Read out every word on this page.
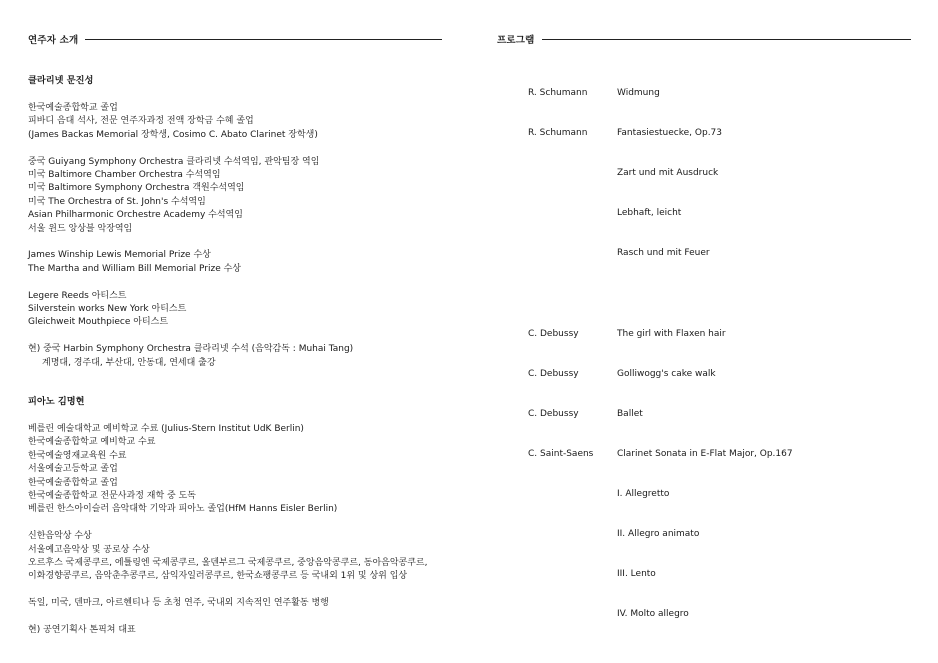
연주자 소개
클라리넷 문진성
한국예술종합학교 졸업
피바디 음대 석사, 전문 연주자과정 전액 장학금 수혜 졸업
(James Backas Memorial 장학생, Cosimo C. Abato Clarinet 장학생)
중국 Guiyang Symphony Orchestra 클라리넷 수석역임, 관악팀장 역임
미국 Baltimore Chamber Orchestra 수석역임
미국 Baltimore Symphony Orchestra 객원수석역임
미국 The Orchestra of St. John's 수석역임
Asian Philharmonic Orchestre Academy 수석역임
서울 윈드 앙상블 악장역임
James Winship Lewis Memorial Prize 수상
The Martha and William Bill Memorial Prize 수상
Legere Reeds 아티스트
Silverstein works New York 아티스트
Gleichweit Mouthpiece 아티스트
현) 중국 Harbin Symphony Orchestra 클라리넷 수석 (음악감독 : Muhai Tang)
계명대, 경주대, 부산대, 안동대, 연세대 출강
피아노 김명현
베를린 예술대학교 예비학교 수료 (Julius-Stern Institut UdK Berlin)
한국예술종합학교 예비학교 수료
한국예술영재교육원 수료
서울예술고등학교 졸업
한국예술종합학교 졸업
한국예술종합학교 전문사과정 재학 중 도독
베를린 한스아이슬러 음악대학 기악과 피아노 졸업(HfM Hanns Eisler Berlin)
신한음악상 수상
서울예고음악상 및 공로상 수상
오르후스 국제콩쿠르, 에틀링엔 국제콩쿠르, 올덴부르그 국제콩쿠르, 중앙음악콩쿠르, 동아음악콩쿠르,
이화경향콩쿠르, 음악춘추콩쿠르, 삼익자일러콩쿠르, 한국쇼팽콩쿠르 등 국내외 1위 및 상위 입상
독일, 미국, 덴마크, 아르헨티나 등 초청 연주, 국내외 지속적인 연주활동 병행
현) 공연기획사 톤픽쳐 대표
프로그램
R. Schumann	Widmung
R. Schumann	Fantasiestuecke, Op.73
Zart und mit Ausdruck
Lebhaft, leicht
Rasch und mit Feuer
C. Debussy	The girl with Flaxen hair
C. Debussy	Golliwogg's cake walk
C. Debussy	Ballet
C. Saint-Saens	Clarinet Sonata in E-Flat Major, Op.167
I. Allegretto
II. Allegro animato
III. Lento
IV. Molto allegro
